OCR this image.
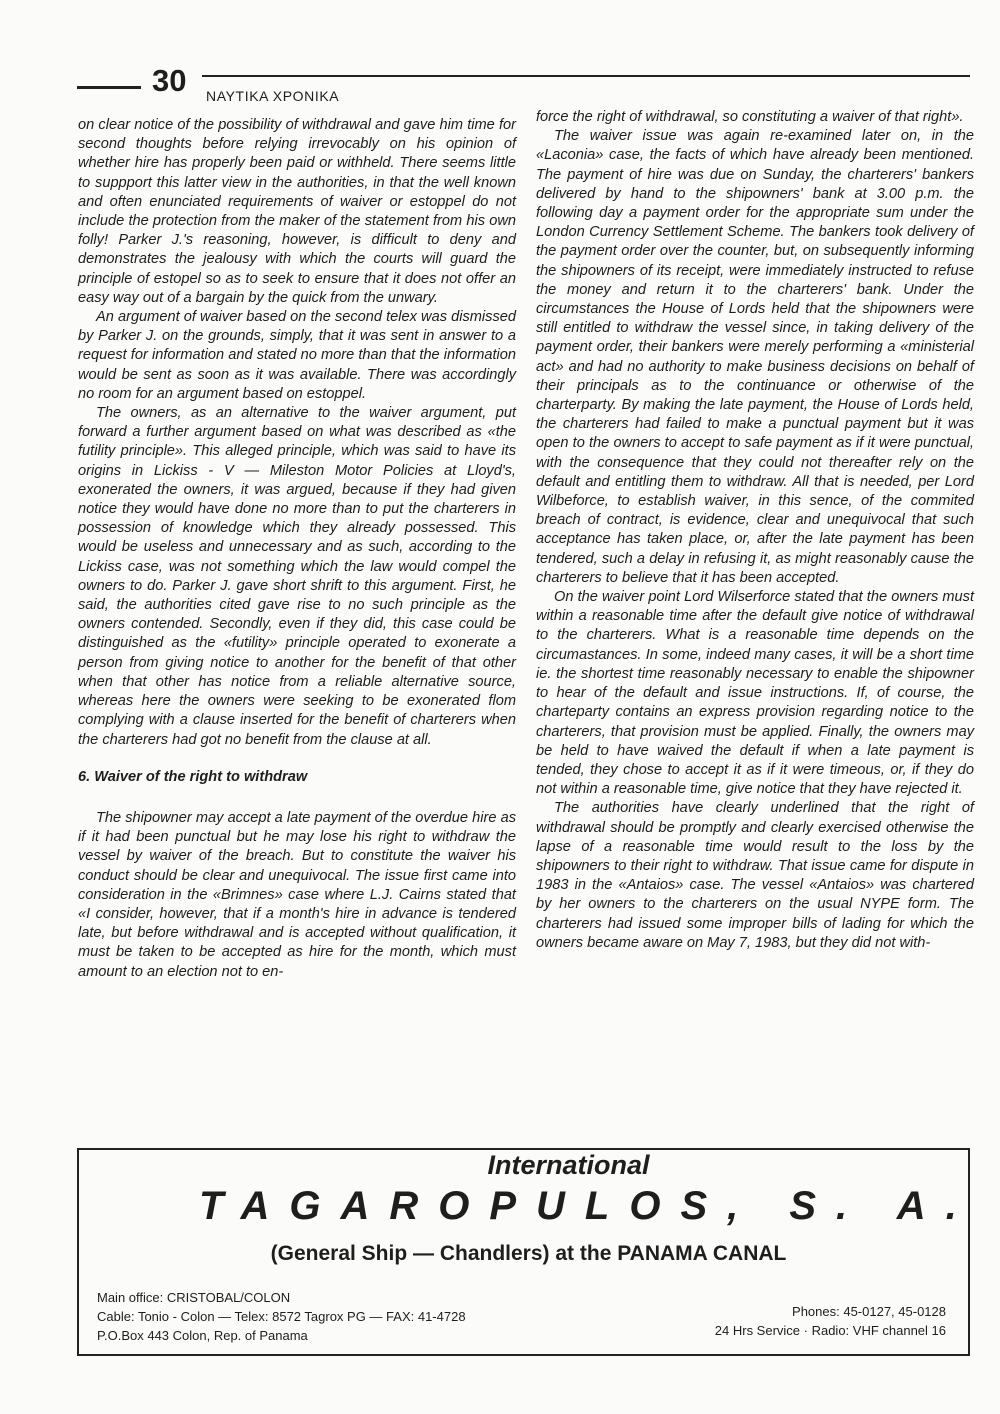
30 ΝΑΥΤΙΚΑ ΧΡΟΝΙΚΑ

on clear notice of the possibility of withdrawal and gave him time for second thoughts before relying irrevocably on his opinion of whether hire has properly been paid or withheld. There seems little to suppport this latter view in the authorities, in that the well known and often enunciated requirements of waiver or estoppel do not include the protection from the maker of the statement from his own folly! Parker J.'s reasoning, however, is difficult to deny and demonstrates the jealousy with which the courts will guard the principle of estopel so as to seek to ensure that it does not offer an easy way out of a bargain by the quick from the unwary.

An argument of waiver based on the second telex was dismissed by Parker J. on the grounds, simply, that it was sent in answer to a request for information and stated no more than that the information would be sent as soon as it was available. There was accordingly no room for an argument based on estoppel.

The owners, as an alternative to the waiver argument, put forward a further argument based on what was described as «the futility principle». This alleged principle, which was said to have its origins in Lickiss - V — Mileston Motor Policies at Lloyd's, exonerated the owners, it was argued, because if they had given notice they would have done no more than to put the charterers in possession of knowledge which they already possessed. This would be useless and unnecessary and as such, according to the Lickiss case, was not something which the law would compel the owners to do. Parker J. gave short shrift to this argument. First, he said, the authorities cited gave rise to no such principle as the owners contended. Secondly, even if they did, this case could be distinguished as the «futility» principle operated to exonerate a person from giving notice to another for the benefit of that other when that other has notice from a reliable alternative source, whereas here the owners were seeking to be exonerated flom complying with a clause inserted for the benefit of charterers when the charterers had got no benefit from the clause at all.

6. Waiver of the right to withdraw

The shipowner may accept a late payment of the overdue hire as if it had been punctual but he may lose his right to withdraw the vessel by waiver of the breach. But to constitute the waiver his conduct should be clear and unequivocal. The issue first came into consideration in the «Brimnes» case where L.J. Cairns stated that «I consider, however, that if a month's hire in advance is tendered late, but before withdrawal and is accepted without qualification, it must be taken to be accepted as hire for the month, which must amount to an election not to en-

force the right of withdrawal, so constituting a waiver of that right».

The waiver issue was again re-examined later on, in the «Laconia» case, the facts of which have already been mentioned. The payment of hire was due on Sunday, the charterers' bankers delivered by hand to the shipowners' bank at 3.00 p.m. the following day a payment order for the appropriate sum under the London Currency Settlement Scheme. The bankers took delivery of the payment order over the counter, but, on subsequently informing the shipowners of its receipt, were immediately instructed to refuse the money and return it to the charterers' bank. Under the circumstances the House of Lords held that the shipowners were still entitled to withdraw the vessel since, in taking delivery of the payment order, their bankers were merely performing a «ministerial act» and had no authority to make business decisions on behalf of their principals as to the continuance or otherwise of the charterparty. By making the late payment, the House of Lords held, the charterers had failed to make a punctual payment but it was open to the owners to accept to safe payment as if it were punctual, with the consequence that they could not thereafter rely on the default and entitling them to withdraw. All that is needed, per Lord Wilbeforce, to establish waiver, in this sence, of the commited breach of contract, is evidence, clear and unequivocal that such acceptance has taken place, or, after the late payment has been tendered, such a delay in refusing it, as might reasonably cause the charterers to believe that it has been accepted.

On the waiver point Lord Wilserforce stated that the owners must within a reasonable time after the default give notice of withdrawal to the charterers. What is a reasonable time depends on the circumastances. In some, indeed many cases, it will be a short time ie. the shortest time reasonably necessary to enable the shipowner to hear of the default and issue instructions. If, of course, the charteparty contains an express provision regarding notice to the charterers, that provision must be applied. Finally, the owners may be held to have waived the default if when a late payment is tended, they chose to accept it as if it were timeous, or, if they do not within a reasonable time, give notice that they have rejected it.

The authorities have clearly underlined that the right of withdrawal should be promptly and clearly exercised otherwise the lapse of a reasonable time would result to the loss by the shipowners to their right to withdraw. That issue came for dispute in 1983 in the «Antaios» case. The vessel «Antaios» was chartered by her owners to the charterers on the usual NYPE form. The charterers had issued some improper bills of lading for which the owners became aware on May 7, 1983, but they did not with-

International
TAGAROPULOS, S. A.
(General Ship — Chandlers) at the PANAMA CANAL
Main office: CRISTOBAL/COLON
Cable: Tonio - Colon — Telex: 8572 Tagrox PG — FAX: 41-4728
P.O.Box 443 Colon, Rep. of Panama
Phones: 45-0127, 45-0128
24 Hrs Service · Radio: VHF channel 16
